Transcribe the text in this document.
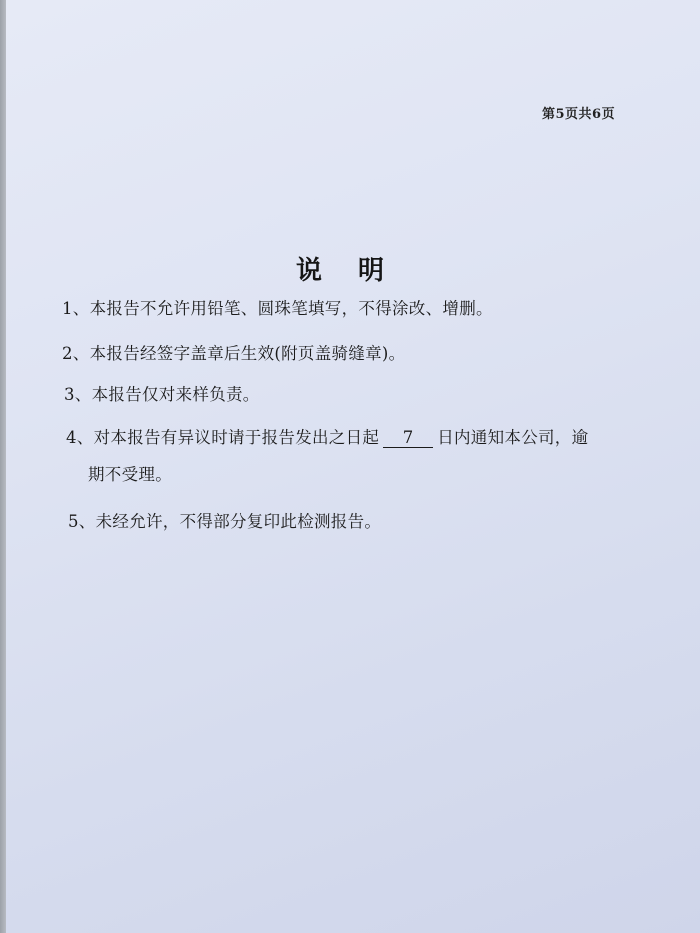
第5页共6页
说明
1、本报告不允许用铅笔、圆珠笔填写，不得涂改、增删。
2、本报告经签字盖章后生效(附页盖骑缝章)。
3、本报告仅对来样负责。
4、对本报告有异议时请于报告发出之日起 7 日内通知本公司，逾
期不受理。
5、未经允许，不得部分复印此检测报告。
